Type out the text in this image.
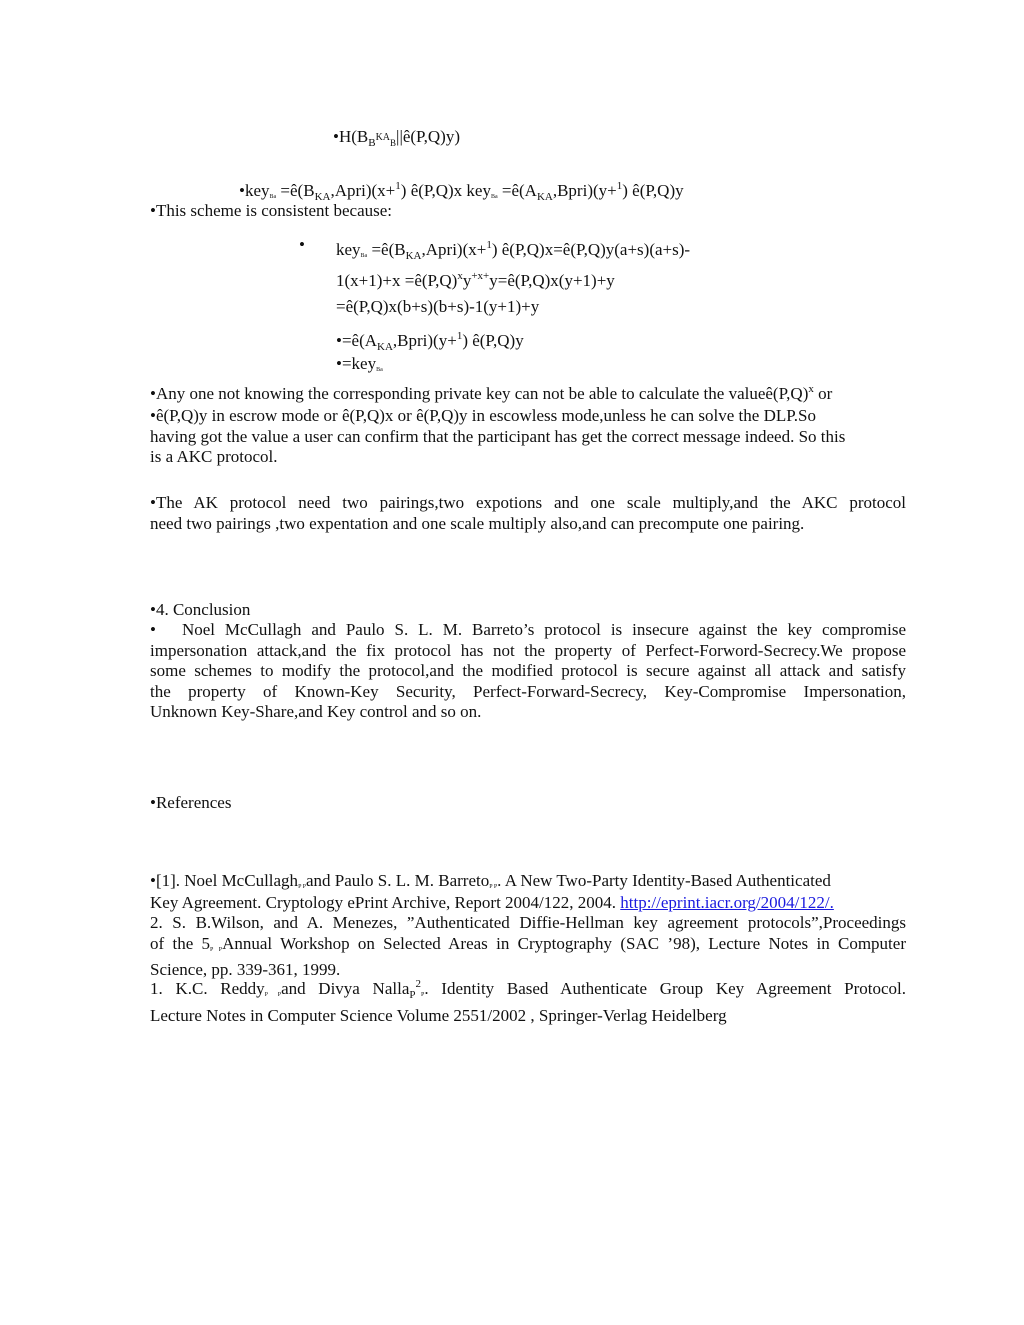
$•H(B_B^{KA}_B||ê(P,Q)y)$
•keyBa $=ê(B_{KA},Apri)(x+^1)$ ê(P,Q)x keyBa $=ê(A_{KA},Bpri)(y+^1)$ ê(P,Q)y
•This scheme is consistent because:
• keyBa $=ê(B_{KA},Apri)(x+^1)$ ê(P,Q)x=ê(P,Q)y(a+s)(a+s)-
$1(x+1)+x =ê(P,Q)^xy^{+x+}y=ê(P,Q)x(y+1)+y$
=ê(P,Q)x(b+s)(b+s)-1(y+1)+y
$•=ê(A_{KA},Bpri)(y+^1)$ ê(P,Q)y
•=keyBa
•Any one not knowing the corresponding private key can not be able to calculate the $valueê(P,Q)^x$ or
•ê(P,Q)y in escrow mode or ê(P,Q)x or ê(P,Q)y in escowless mode,unless he can solve the DLP.So
having got the value a user can confirm that the participant has get the correct message indeed. So this
is a AKC protocol.
•The AK protocol need two pairings,two expotions and one scale multiply,and the AKC protocol
need two pairings ,two expentation and one scale multiply also,and can precompute one pairing.
•4. Conclusion
• Noel McCullagh and Paulo S. L. M. Barreto’s protocol is insecure against the key compromise
impersonation attack,and the fix protocol has not the property of Perfect-Forword-Secrecy.We propose
some schemes to modify the protocol,and the modified protocol is secure against all attack and satisfy
the property of Known-Key Security, Perfect-Forward-Secrecy, Key-Compromise Impersonation,
Unknown Key-Share,and Key control and so on.
•References
•[1]. Noel McCullaghP Pand Paulo S. L. M. BarretoP P. A New Two-Party Identity-Based Authenticated
Key Agreement. Cryptology ePrint Archive, Report 2004/122, 2004. http://eprint.iacr.org/2004/122/.
2. S. B.Wilson, and A. Menezes, ”Authenticated Diffie-Hellman key agreement protocols”,Proceedings
of the 5P PAnnual Workshop on Selected Areas in Cryptography (SAC ’98), Lecture Notes in Computer
Science, pp. 339-361, 1999.
1. K.C. ReddyP Pand Divya Nalla$_P^2$P. Identity Based Authenticate Group Key Agreement Protocol.
Lecture Notes in Computer Science Volume 2551/2002 , Springer-Verlag Heidelberg
